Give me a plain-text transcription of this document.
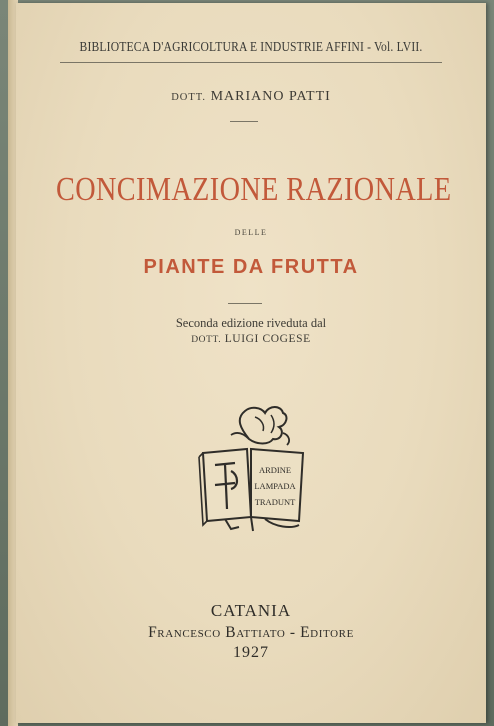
BIBLIOTECA D'AGRICOLTURA E INDUSTRIE AFFINI - Vol. LVII.
DOTT. MARIANO PATTI
CONCIMAZIONE RAZIONALE
DELLE
PIANTE DA FRUTTA
Seconda edizione riveduta dal
DOTT. LUIGI COGESE
ARDINE
LAMPADA
TRADUNT
CATANIA
Francesco Battiato - Editore
1927
